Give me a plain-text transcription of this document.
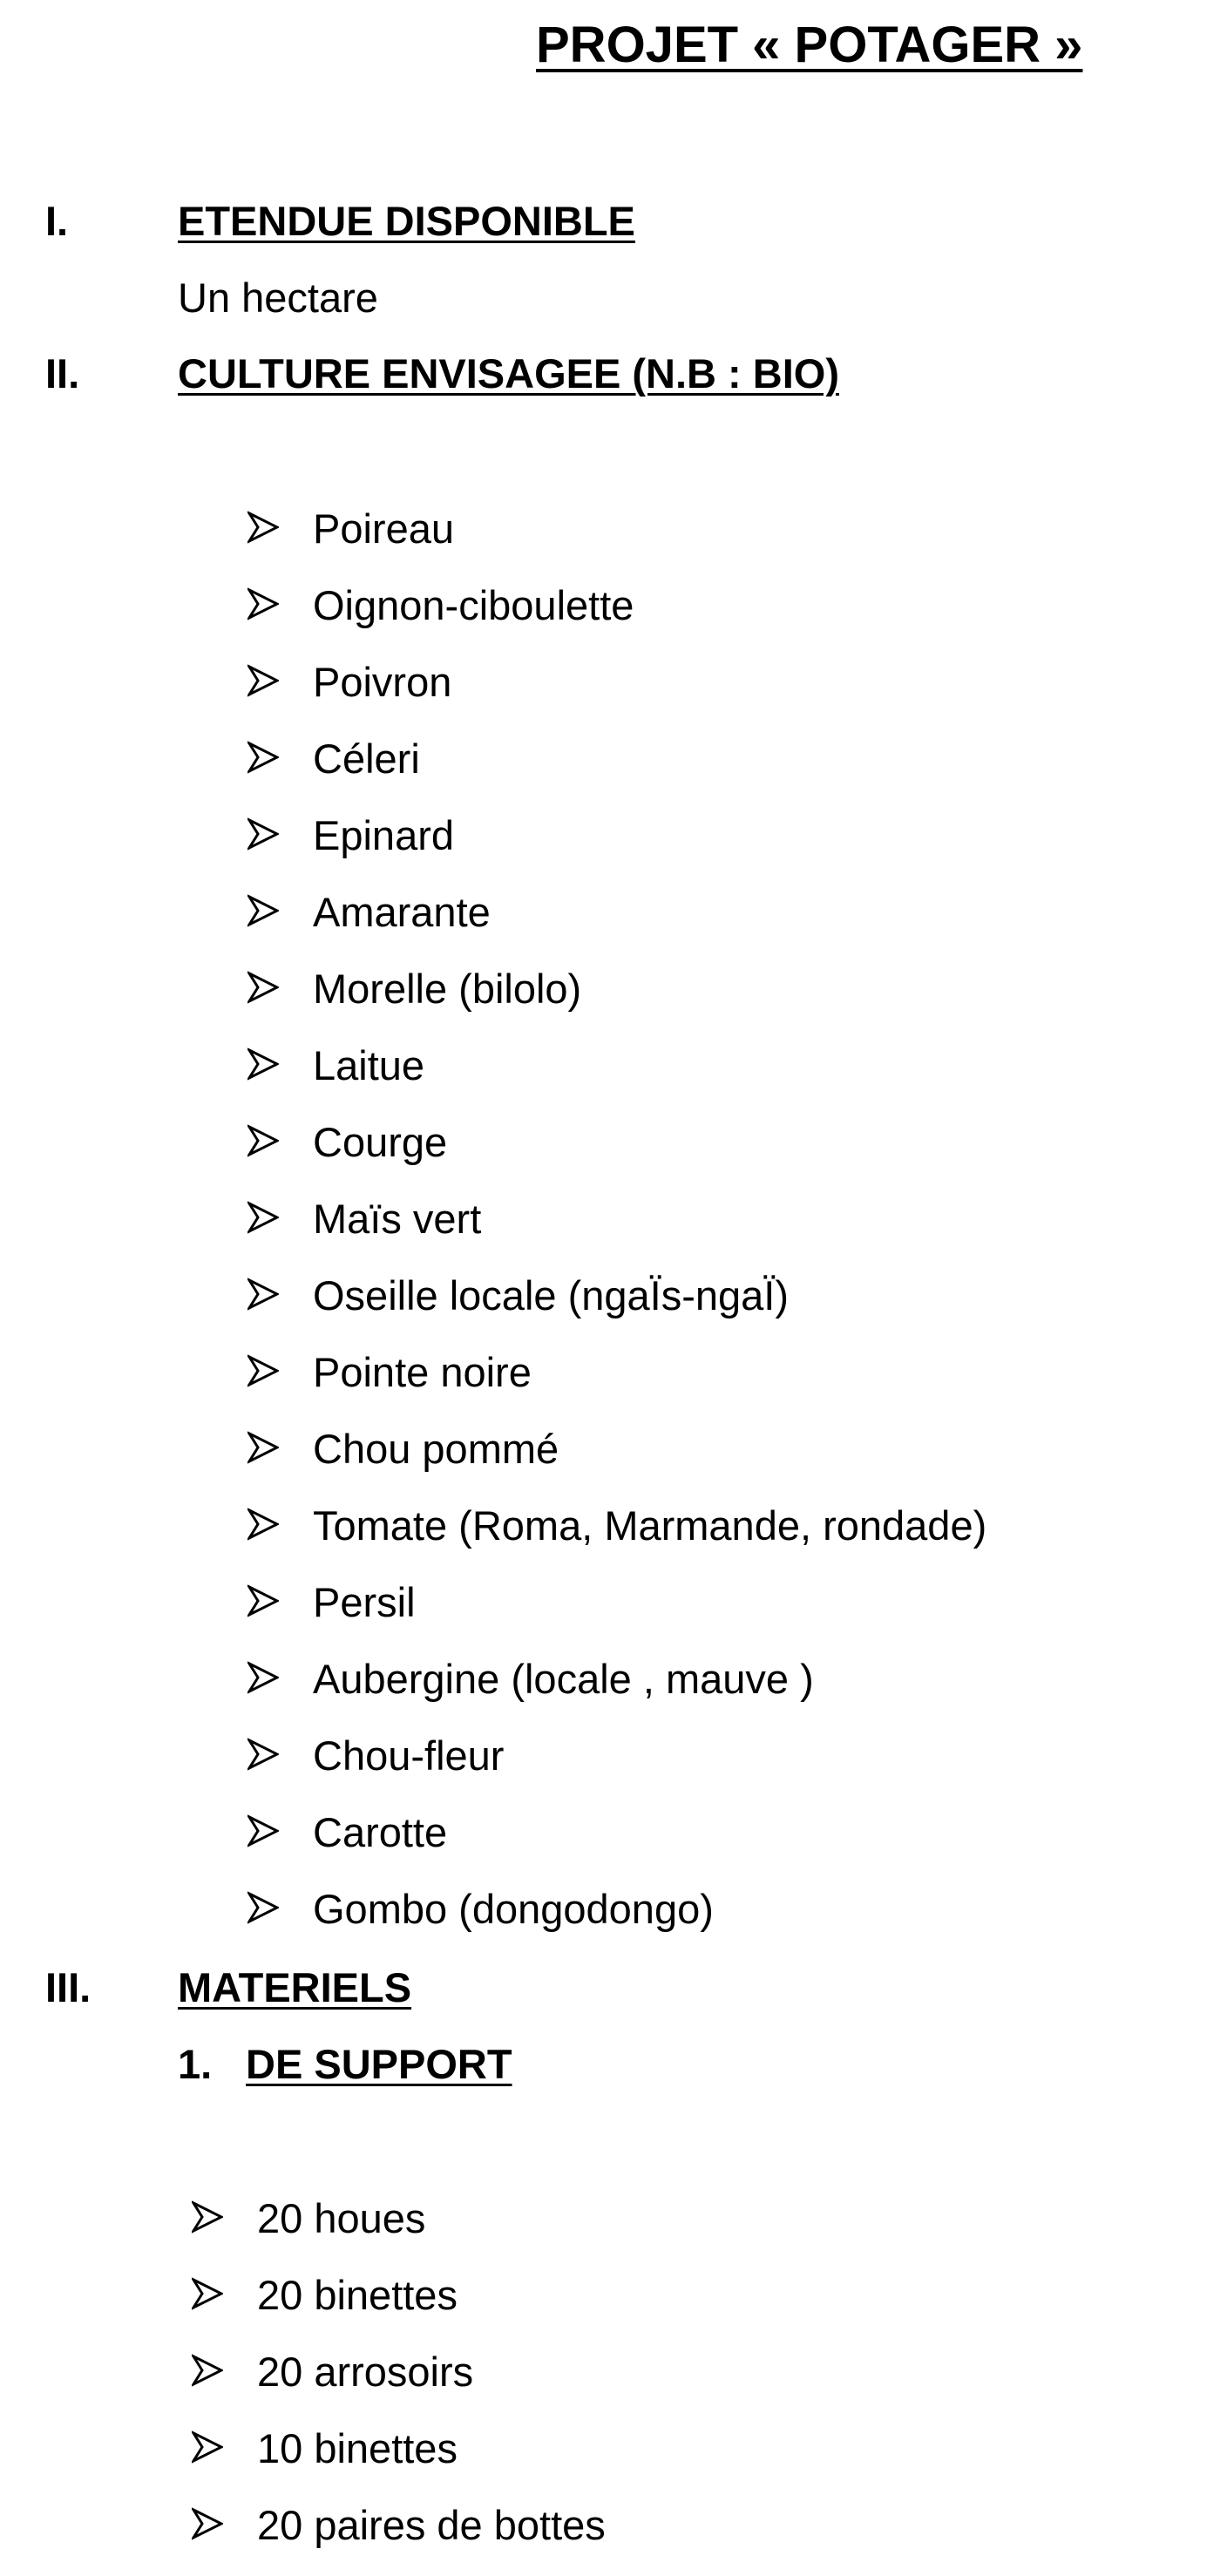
PROJET « POTAGER »
I.	ETENDUE DISPONIBLE
Un hectare
II. CULTURE ENVISAGEE (N.B : BIO)
Poireau
Oignon-ciboulette
Poivron
Céleri
Epinard
Amarante
Morelle (bilolo)
Laitue
Courge
Maïs vert
Oseille locale (ngaÏs-ngaÏ)
Pointe noire
Chou pommé
Tomate (Roma, Marmande, rondade)
Persil
Aubergine (locale , mauve )
Chou-fleur
Carotte
Gombo (dongodongo)
III. MATERIELS
1. DE SUPPORT
20 houes
20 binettes
20 arrosoirs
10 binettes
20 paires de bottes
